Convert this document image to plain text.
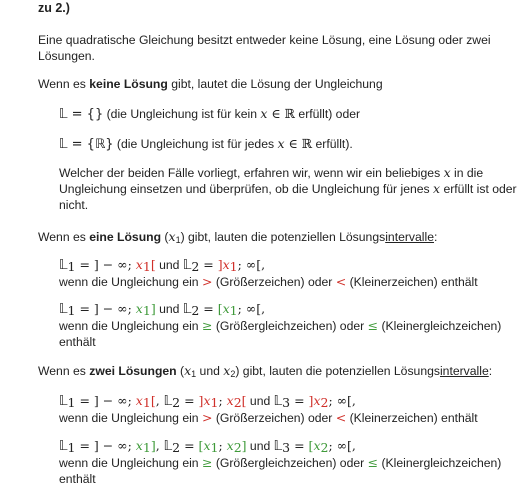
zu 2.)
Eine quadratische Gleichung besitzt entweder keine Lösung, eine Lösung oder zwei
Lösungen.
Wenn es keine Lösung gibt, lautet die Lösung der Ungleichung
𝕃 = {} (die Ungleichung ist für kein x ∈ ℝ erfüllt) oder
𝕃 = {ℝ} (die Ungleichung ist für jedes x ∈ ℝ erfüllt).
Welcher der beiden Fälle vorliegt, erfahren wir, wenn wir ein beliebiges x in die
Ungleichung einsetzen und überprüfen, ob die Ungleichung für jenes x erfüllt ist oder
nicht.
Wenn es eine Lösung $(x_1)$ gibt, lauten die potenziellen Lösungsintervalle:
𝕃$_1$ = ] − ∞; $x_1$[ und 𝕃$_2$ = ]$x_1$; ∞[,
wenn die Ungleichung ein > (Größerzeichen) oder < (Kleinerzeichen) enthält
𝕃$_1$ = ] − ∞; $x_1$] und 𝕃$_2$ = [$x_1$; ∞[,
wenn die Ungleichung ein ≥ (Größergleichzeichen) oder ≤ (Kleinergleichzeichen)
enthält
Wenn es zwei Lösungen ($x_1$ und $x_2$) gibt, lauten die potenziellen Lösungsintervalle:
𝕃$_1$ = ] − ∞; $x_1$[, 𝕃$_2$ = ]$x_1$; $x_2$[ und 𝕃$_3$ = ]$x_2$; ∞[,
wenn die Ungleichung ein > (Größerzeichen) oder < (Kleinerzeichen) enthält
𝕃$_1$ = ] − ∞; $x_1$], 𝕃$_2$ = [$x_1$; $x_2$] und 𝕃$_3$ = [$x_2$; ∞[,
wenn die Ungleichung ein ≥ (Größergleichzeichen) oder ≤ (Kleinergleichzeichen)
enthält
